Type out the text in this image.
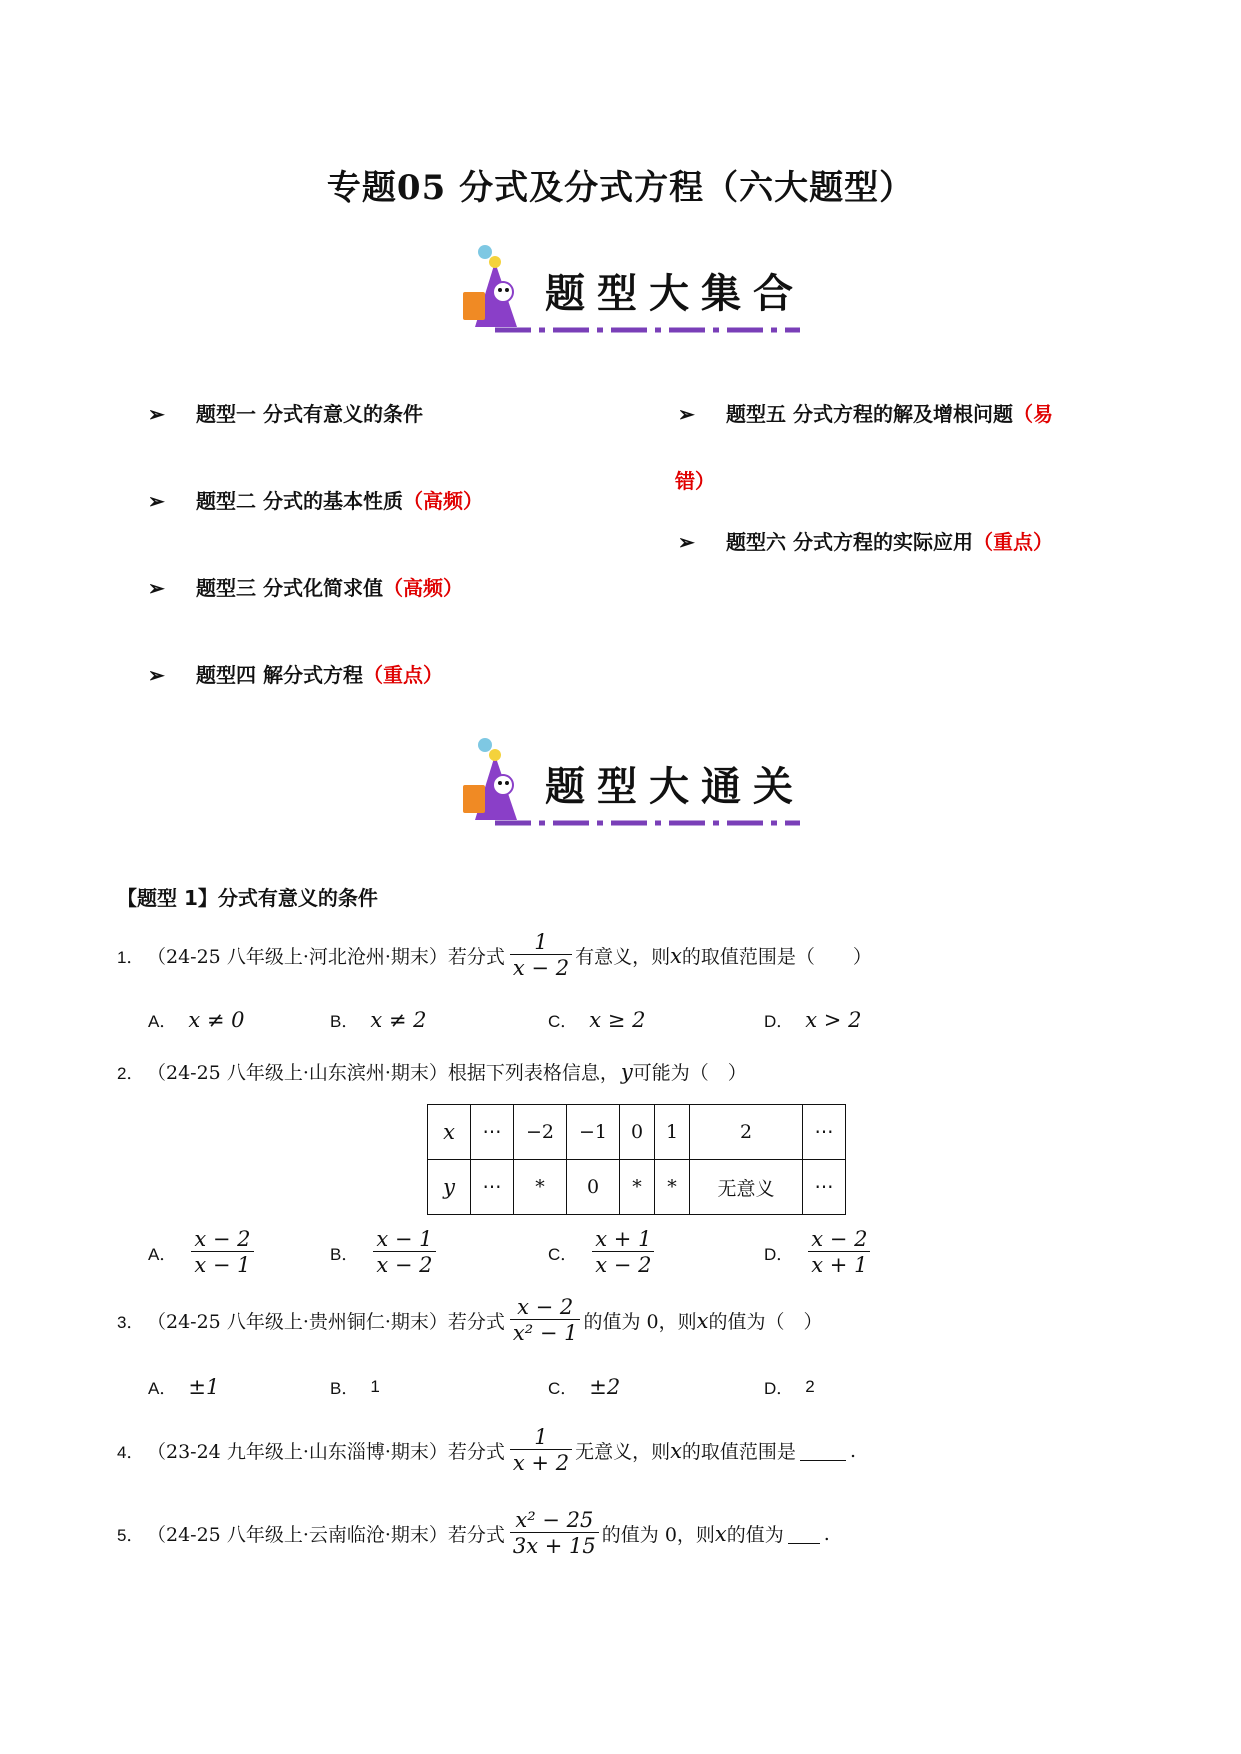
专题05 分式及分式方程（六大题型）
题型大集合
➢ 题型一 分式有意义的条件
➢ 题型二 分式的基本性质（高频）
➢ 题型三 分式化简求值（高频）
➢ 题型四 解分式方程（重点）
➢ 题型五 分式方程的解及增根问题（易
错）
➢ 题型六 分式方程的实际应用（重点）
题型大通关
【题型 1】分式有意义的条件
1． （24-25 八年级上·河北沧州·期末）若分式 $\frac{1}{x - 2}$ 有意义，则 x 的取值范围是（　　）
A． x ≠ 0	B． x ≠ 2	C． x ≥ 2	D． x > 2
2． （24-25 八年级上·山东滨州·期末）根据下列表格信息， y 可能为（　）
x	⋯	−2	−1	0	1	2	⋯
y	⋯	*	0	*	*	无意义	⋯
A． $\frac{x - 2}{x - 1}$	B． $\frac{x - 1}{x - 2}$	C． $\frac{x + 1}{x - 2}$	D． $\frac{x - 2}{x + 1}$
3． （24-25 八年级上·贵州铜仁·期末）若分式 $\frac{x - 2}{\text{x² − 1}}$ 的值为 0，则 x 的值为（　）
A． ±1	B． 1	C． ±2	D． 2
4． （23-24 九年级上·山东淄博·期末）若分式 $\frac{1}{x + 2}$ 无意义，则 x 的取值范围是	.
5． （24-25 八年级上·云南临沧·期末）若分式 $\frac{\text{x² − 25}}{3x + 15}$ 的值为 0，则 x 的值为 .
